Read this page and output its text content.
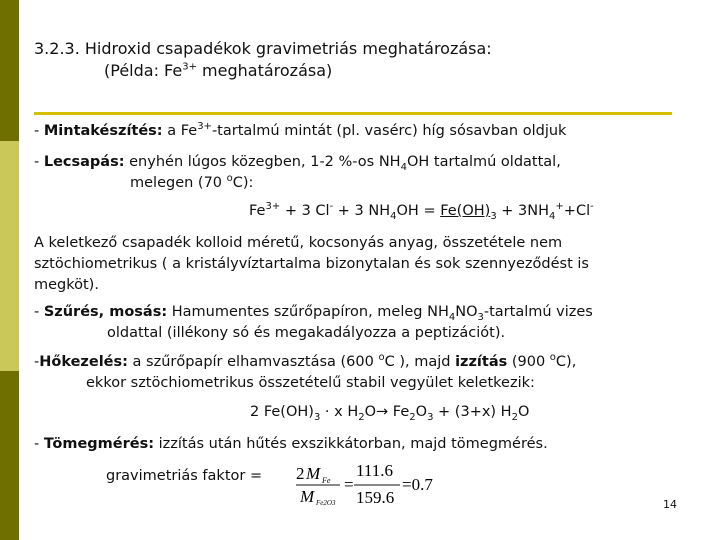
3.2.3. Hidroxid csapadékok gravimetriás meghatározása:
(Példa: $Fe^{3+}$ meghatározása)
- Mintakészítés: a $Fe^{3+}$-tartalmú mintát (pl. vasérc) híg sósavban oldjuk
- Lecsapás: enyhén lúgos közegben, 1-2 %-os $NH_4OH$ tartalmú oldattal,
melegen (70 $^o$C):
$Fe^{3+} + 3$ Cl- + 3 $NH_4OH = Fe(OH)_3 + 3NH_4^++Cl^-$
A keletkező csapadék kolloid méretű, kocsonyás anyag, összetétele nem
sztöchiometrikus ( a kristályvíztartalma bizonytalan és sok szennyeződést is
megköt).
- Szűrés, mosás: Hamumentes szűrőpapíron, meleg $NH_4NO_3$-tartalmú vizes
oldattal (illékony só és megakadályozza a peptizációt).
-Hőkezelés: a szűrőpapír elhamvasztása (600 $^o$C ), majd izzítás (900 $^o$C),
ekkor sztöchiometrikus összetételű stabil vegyület keletkezik:
2 $Fe(OH)_3 \cdot x$ $H_2O\to Fe_2O_3 + (3+x)$ $H_2O$
- Tömegmérés: izzítás után hűtés exszikkátorban, majd tömegmérés.
gravimetriás faktor = 2 M Fe
M Fe2O3
=
111.6
159.6
=0.7
14
